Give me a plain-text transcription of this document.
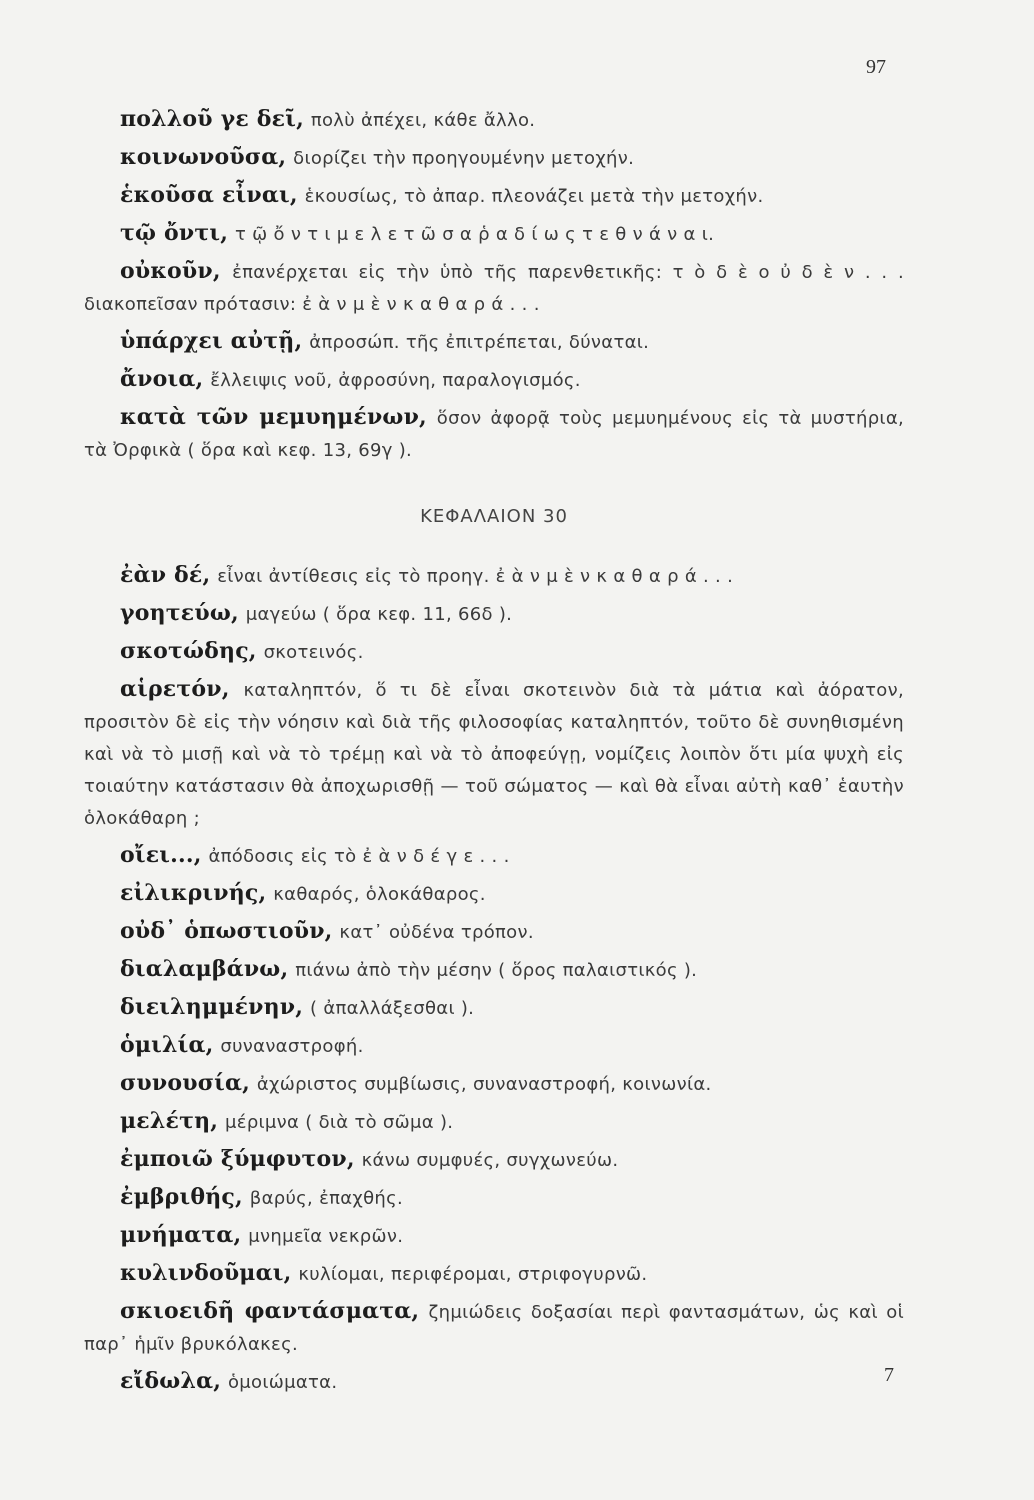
97

πολλοῦ γε δεῖ, πολὺ ἀπέχει, κάθε ἄλλο.

κοινωνοῦσα, διορίζει τὴν προηγουμένην μετοχήν.

ἑκοῦσα εἶναι, ἑκουσίως, τὸ ἀπαρ. πλεονάζει μετὰ τὴν μετοχήν.

τῷ ὄντι, τ ῷ ὄ ν τ ι μ ε λ ε τ ῶ σ α ῥ α δ ί ω ς τ ε θ ν ά ν α ι.

οὐκοῦν, ἐπανέρχεται εἰς τὴν ὑπὸ τῆς παρενθετικῆς: τ ὸ δ ὲ ο ὐ δ ὲ ν . . . διακοπεῖσαν πρότασιν: ἐ ὰ ν μ ὲ ν κ α θ α ρ ά . . .

ὑπάρχει αὐτῇ, ἀπροσώπ. τῆς ἐπιτρέπεται, δύναται.

ἄνοια, ἔλλειψις νοῦ, ἀφροσύνη, παραλογισμός.

κατὰ τῶν μεμυημένων, ὅσον ἀφορᾷ τοὺς μεμυημένους εἰς τὰ μυστήρια, τὰ Ὀρφικὰ ( ὅρα καὶ κεφ. 13, 69γ ).

ΚΕΦΑΛΑΙΟΝ 30

ἐὰν δέ, εἶναι ἀντίθεσις εἰς τὸ προηγ. ἐ ὰ ν μ ὲ ν κ α θ α ρ ά . . .

γοητεύω, μαγεύω ( ὅρα κεφ. 11, 66δ ).

σκοτώδης, σκοτεινός.

αἱρετόν, καταληπτόν, ὅ τι δὲ εἶναι σκοτεινὸν διὰ τὰ μάτια καὶ ἀόρατον, προσιτὸν δὲ εἰς τὴν νόησιν καὶ διὰ τῆς φιλοσοφίας καταληπτόν, τοῦτο δὲ συνηθισμένη καὶ νὰ τὸ μισῇ καὶ νὰ τὸ τρέμῃ καὶ νὰ τὸ ἀποφεύγῃ, νομίζεις λοιπὸν ὅτι μία ψυχὴ εἰς τοιαύτην κατάστασιν θὰ ἀποχωρισθῇ — τοῦ σώματος — καὶ θὰ εἶναι αὐτὴ καθ᾽ ἑαυτὴν ὁλοκάθαρη ;

οἴει..., ἀπόδοσις εἰς τὸ ἐ ὰ ν δ έ γ ε . . .

εἰλικρινής, καθαρός, ὁλοκάθαρος.

οὐδ᾽ ὁπωστιοῦν, κατ᾽ οὐδένα τρόπον.

διαλαμβάνω, πιάνω ἀπὸ τὴν μέσην ( ὅρος παλαιστικός ).

διειλημμένην, ( ἀπαλλάξεσθαι ).

ὁμιλία, συναναστροφή.

συνουσία, ἀχώριστος συμβίωσις, συναναστροφή, κοινωνία.

μελέτη, μέριμνα ( διὰ τὸ σῶμα ).

ἐμποιῶ ξύμφυτον, κάνω συμφυές, συγχωνεύω.

ἐμβριθής, βαρύς, ἐπαχθής.

μνήματα, μνημεῖα νεκρῶν.

κυλινδοῦμαι, κυλίομαι, περιφέρομαι, στριφογυρνῶ.

σκιοειδῆ φαντάσματα, ζημιώδεις δοξασίαι περὶ φαντασμάτων, ὡς καὶ οἱ παρ᾽ ἡμῖν βρυκόλακες.

εἴδωλα, ὁμοιώματα.	7
